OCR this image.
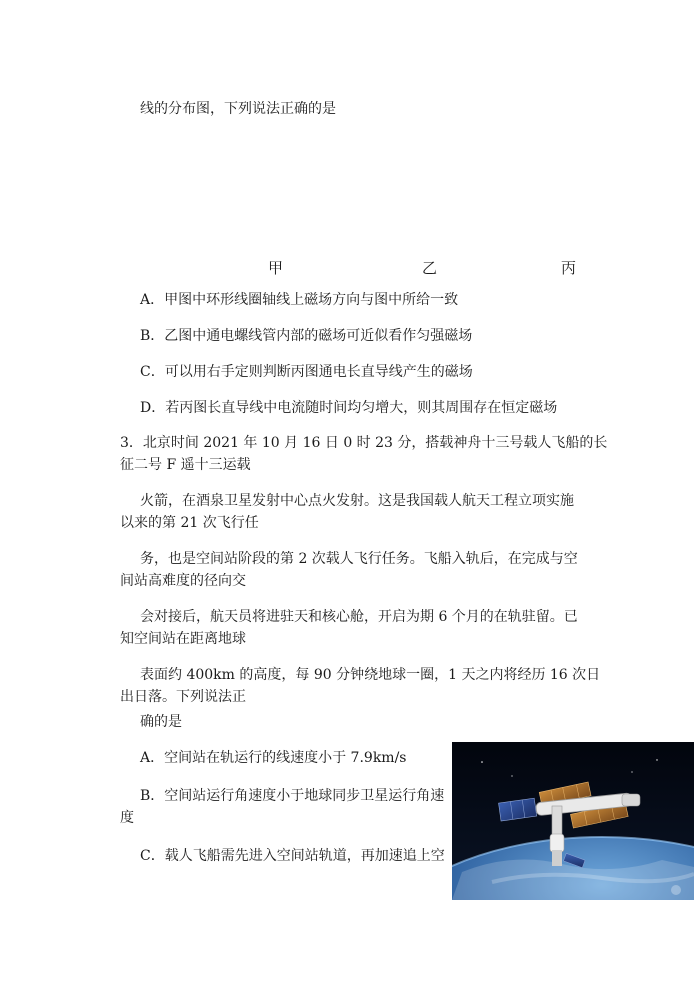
线的分布图，下列说法正确的是
甲	乙	丙
A．甲图中环形线圈轴线上磁场方向与图中所给一致
B．乙图中通电螺线管内部的磁场可近似看作匀强磁场
C．可以用右手定则判断丙图通电长直导线产生的磁场
D．若丙图长直导线中电流随时间均匀增大，则其周围存在恒定磁场
3．北京时间 2021 年 10 月 16 日 0 时 23 分，搭载神舟十三号载人飞船的长
征二号 F 遥十三运载
火箭，在酒泉卫星发射中心点火发射。这是我国载人航天工程立项实施
以来的第 21 次飞行任
务，也是空间站阶段的第 2 次载人飞行任务。飞船入轨后，在完成与空
间站高难度的径向交
会对接后，航天员将进驻天和核心舱，开启为期 6 个月的在轨驻留。已
知空间站在距离地球
表面约 400km 的高度，每 90 分钟绕地球一圈，1 天之内将经历 16 次日
出日落。下列说法正
确的是
A．空间站在轨运行的线速度小于 7.9km/s
B．空间站运行角速度小于地球同步卫星运行角速
度
C．载人飞船需先进入空间站轨道，再加速追上空
